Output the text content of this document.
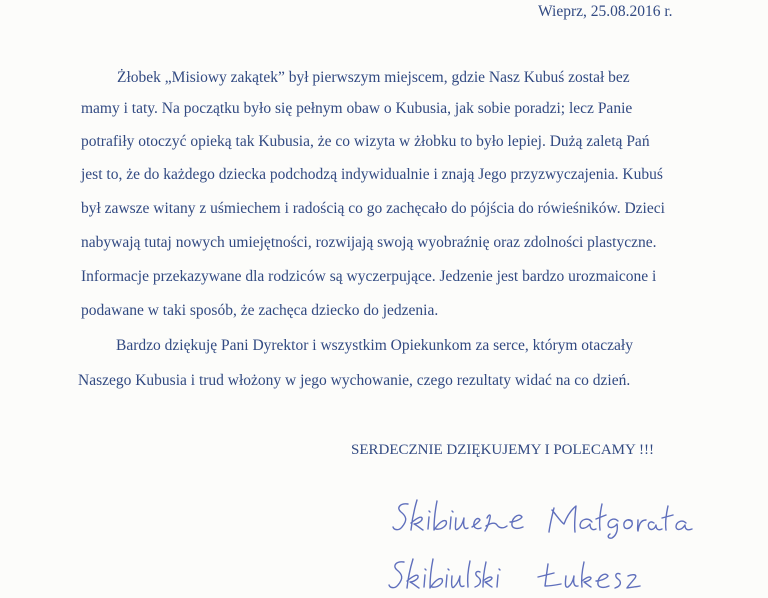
Wieprz, 25.08.2016 r.
Żłobek „Misiowy zakątek” był pierwszym miejscem, gdzie Nasz Kubuś został bez
mamy i taty. Na początku było się pełnym obaw o Kubusia, jak sobie poradzi; lecz Panie
potrafiły otoczyć opieką tak Kubusia, że co wizyta w żłobku to było lepiej. Dużą zaletą Pań
jest to, że do każdego dziecka podchodzą indywidualnie i znają Jego przyzwyczajenia. Kubuś
był zawsze witany z uśmiechem i radością co go zachęcało do pójścia do rówieśników. Dzieci
nabywają tutaj nowych umiejętności, rozwijają swoją wyobraźnię oraz zdolności plastyczne.
Informacje przekazywane dla rodziców są wyczerpujące. Jedzenie jest bardzo urozmaicone i
podawane w taki sposób, że zachęca dziecko do jedzenia.
Bardzo dziękuję Pani Dyrektor i wszystkim Opiekunkom za serce, którym otaczały
Naszego Kubusia i trud włożony w jego wychowanie, czego rezultaty widać na co dzień.
SERDECZNIE DZIĘKUJEMY I POLECAMY !!!
